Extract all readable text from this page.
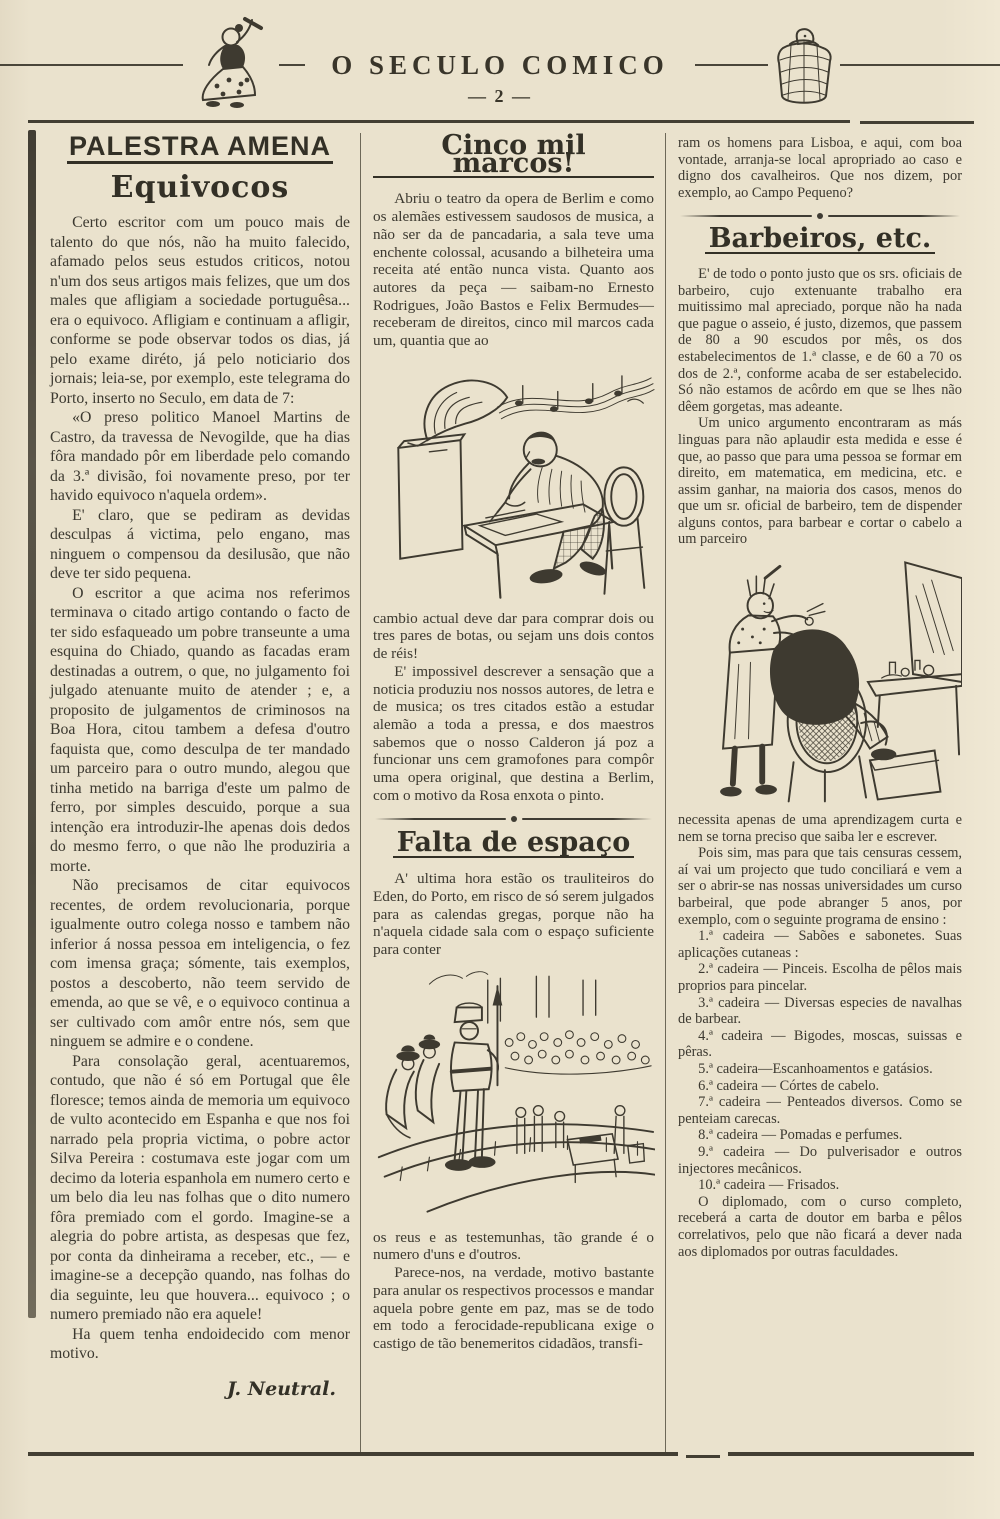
O SECULO COMICO
— 2 —
PALESTRA AMENA
Equivocos

Certo escritor com um pouco mais de talento do que nós, não ha muito falecido, afamado pelos seus estudos criticos, notou n'um dos seus artigos mais felizes, que um dos males que afligiam a sociedade portuguêsa... era o equivoco. Afligiam e continuam a afligir, conforme se pode observar todos os dias, já pelo exame diréto, já pelo noticiario dos jornais; leia-se, por exemplo, este telegrama do Porto, inserto no Seculo, em data de 7:

«O preso politico Manoel Martins de Castro, da travessa de Nevogilde, que ha dias fôra mandado pôr em liberdade pelo comando da 3.ª divisão, foi novamente preso, por ter havido equivoco n'aquela ordem».

E' claro, que se pediram as devidas desculpas á victima, pelo engano, mas ninguem o compensou da desilusão, que não deve ter sido pequena.

O escritor a que acima nos referimos terminava o citado artigo contando o facto de ter sido esfaqueado um pobre transeunte a uma esquina do Chiado, quando as facadas eram destinadas a outrem, o que, no julgamento foi julgado atenuante muito de atender ; e, a proposito de julgamentos de criminosos na Boa Hora, citou tambem a defesa d'outro faquista que, como desculpa de ter mandado um parceiro para o outro mundo, alegou que tinha metido na barriga d'este um palmo de ferro, por simples descuido, porque a sua intenção era introduzir-lhe apenas dois dedos do mesmo ferro, o que não lhe produziria a morte.

Não precisamos de citar equivocos recentes, de ordem revolucionaria, porque igualmente outro colega nosso e tambem não inferior á nossa pessoa em inteligencia, o fez com imensa graça; sómente, tais exemplos, postos a descoberto, não teem servido de emenda, ao que se vê, e o equivoco continua a ser cultivado com amôr entre nós, sem que ninguem se admire e o condene.

Para consolação geral, acentuaremos, contudo, que não é só em Portugal que êle floresce; temos ainda de memoria um equivoco de vulto acontecido em Espanha e que nos foi narrado pela propria victima, o pobre actor Silva Pereira : costumava este jogar com um decimo da loteria espanhola em numero certo e um belo dia leu nas folhas que o dito numero fôra premiado com el gordo. Imagine-se a alegria do pobre artista, as despesas que fez, por conta da dinheirama a receber, etc., — e imagine-se a decepção quando, nas folhas do dia seguinte, leu que houvera... equivoco ; o numero premiado não era aquele!

Ha quem tenha endoidecido com menor motivo.

J. Neutral.
Cinco mil marcos!

Abriu o teatro da opera de Berlim e como os alemães estivessem saudosos de musica, a não ser da de pancadaria, a sala teve uma enchente colossal, acusando a bilheteira uma receita até então nunca vista. Quanto aos autores da peça — saibam-no Ernesto Rodrigues, João Bastos e Felix Bermudes—receberam de direitos, cinco mil marcos cada um, quantia que ao

cambio actual deve dar para comprar dois ou tres pares de botas, ou sejam uns dois contos de réis!

E' impossivel descrever a sensação que a noticia produziu nos nossos autores, de letra e de musica; os tres citados estão a estudar alemão a toda a pressa, e dos maestros sabemos que o nosso Calderon já poz a funcionar uns cem gramofones para compôr uma opera original, que destina a Berlim, com o motivo da Rosa enxota o pinto.

Falta de espaço

A' ultima hora estão os trauliteiros do Eden, do Porto, em risco de só serem julgados para as calendas gregas, porque não ha n'aquela cidade sala com o espaço suficiente para conter

os reus e as testemunhas, tão grande é o numero d'uns e d'outros.

Parece-nos, na verdade, motivo bastante para anular os respectivos processos e mandar aquela pobre gente em paz, mas se de todo em todo a ferocidade-republicana exige o castigo de tão benemeritos cidadãos, transfi-

ram os homens para Lisboa, e aqui, com boa vontade, arranja-se local apropriado ao caso e digno dos cavalheiros. Que nos dizem, por exemplo, ao Campo Pequeno?

Barbeiros, etc.

E' de todo o ponto justo que os srs. oficiais de barbeiro, cujo extenuante trabalho era muitissimo mal apreciado, porque não ha nada que pague o asseio, é justo, dizemos, que passem de 80 a 90 escudos por mês, os dos estabelecimentos de 1.ª classe, e de 60 a 70 os dos de 2.ª, conforme acaba de ser estabelecido. Só não estamos de acôrdo em que se lhes não dêem gorgetas, mas adeante.

Um unico argumento encontraram as más linguas para não aplaudir esta medida e esse é que, ao passo que para uma pessoa se formar em direito, em matematica, em medicina, etc. e assim ganhar, na maioria dos casos, menos do que um sr. oficial de barbeiro, tem de dispender alguns contos, para barbear e cortar o cabelo a um parceiro

necessita apenas de uma aprendizagem curta e nem se torna preciso que saiba ler e escrever.

Pois sim, mas para que tais censuras cessem, aí vai um projecto que tudo conciliará e vem a ser o abrir-se nas nossas universidades um curso barbeiral, que pode abranger 5 anos, por exemplo, com o seguinte programa de ensino :

1.ª cadeira — Sabões e sabonetes. Suas aplicações cutaneas :

2.ª cadeira — Pinceis. Escolha de pêlos mais proprios para pincelar.

3.ª cadeira — Diversas especies de navalhas de barbear.

4.ª cadeira — Bigodes, moscas, suissas e pêras.

5.ª cadeira—Escanhoamentos e gatásios.

6.ª cadeira — Córtes de cabelo.

7.ª cadeira — Penteados diversos. Como se penteiam carecas.

8.ª cadeira — Pomadas e perfumes.

9.ª cadeira — Do pulverisador e outros injectores mecânicos.

10.ª cadeira — Frisados.

O diplomado, com o curso completo, receberá a carta de doutor em barba e pêlos correlativos, pelo que não ficará a dever nada aos diplomados por outras faculdades.
